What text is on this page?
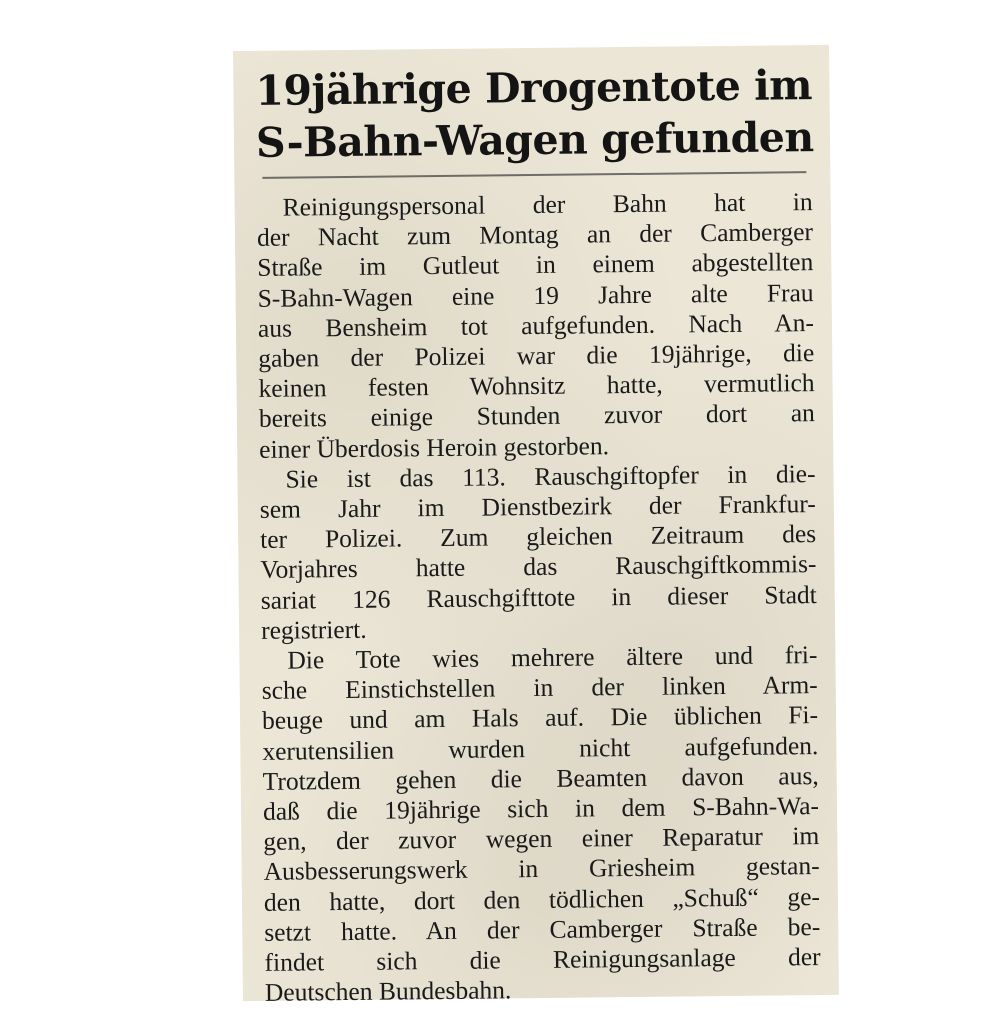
19jährige Drogentote im
S-Bahn-Wagen gefunden
Reinigungspersonal der Bahn hat in
der Nacht zum Montag an der Camberger
Straße im Gutleut in einem abgestellten
S-Bahn-Wagen eine 19 Jahre alte Frau
aus Bensheim tot aufgefunden. Nach An-
gaben der Polizei war die 19jährige, die
keinen festen Wohnsitz hatte, vermutlich
bereits einige Stunden zuvor dort an
einer Überdosis Heroin gestorben.
Sie ist das 113. Rauschgiftopfer in die-
sem Jahr im Dienstbezirk der Frankfur-
ter Polizei. Zum gleichen Zeitraum des
Vorjahres hatte das Rauschgiftkommis-
sariat 126 Rauschgifttote in dieser Stadt
registriert.
Die Tote wies mehrere ältere und fri-
sche Einstichstellen in der linken Arm-
beuge und am Hals auf. Die üblichen Fi-
xerutensilien wurden nicht aufgefunden.
Trotzdem gehen die Beamten davon aus,
daß die 19jährige sich in dem S-Bahn-Wa-
gen, der zuvor wegen einer Reparatur im
Ausbesserungswerk in Griesheim gestan-
den hatte, dort den tödlichen „Schuß“ ge-
setzt hatte. An der Camberger Straße be-
findet sich die Reinigungsanlage der
Deutschen Bundesbahn.
